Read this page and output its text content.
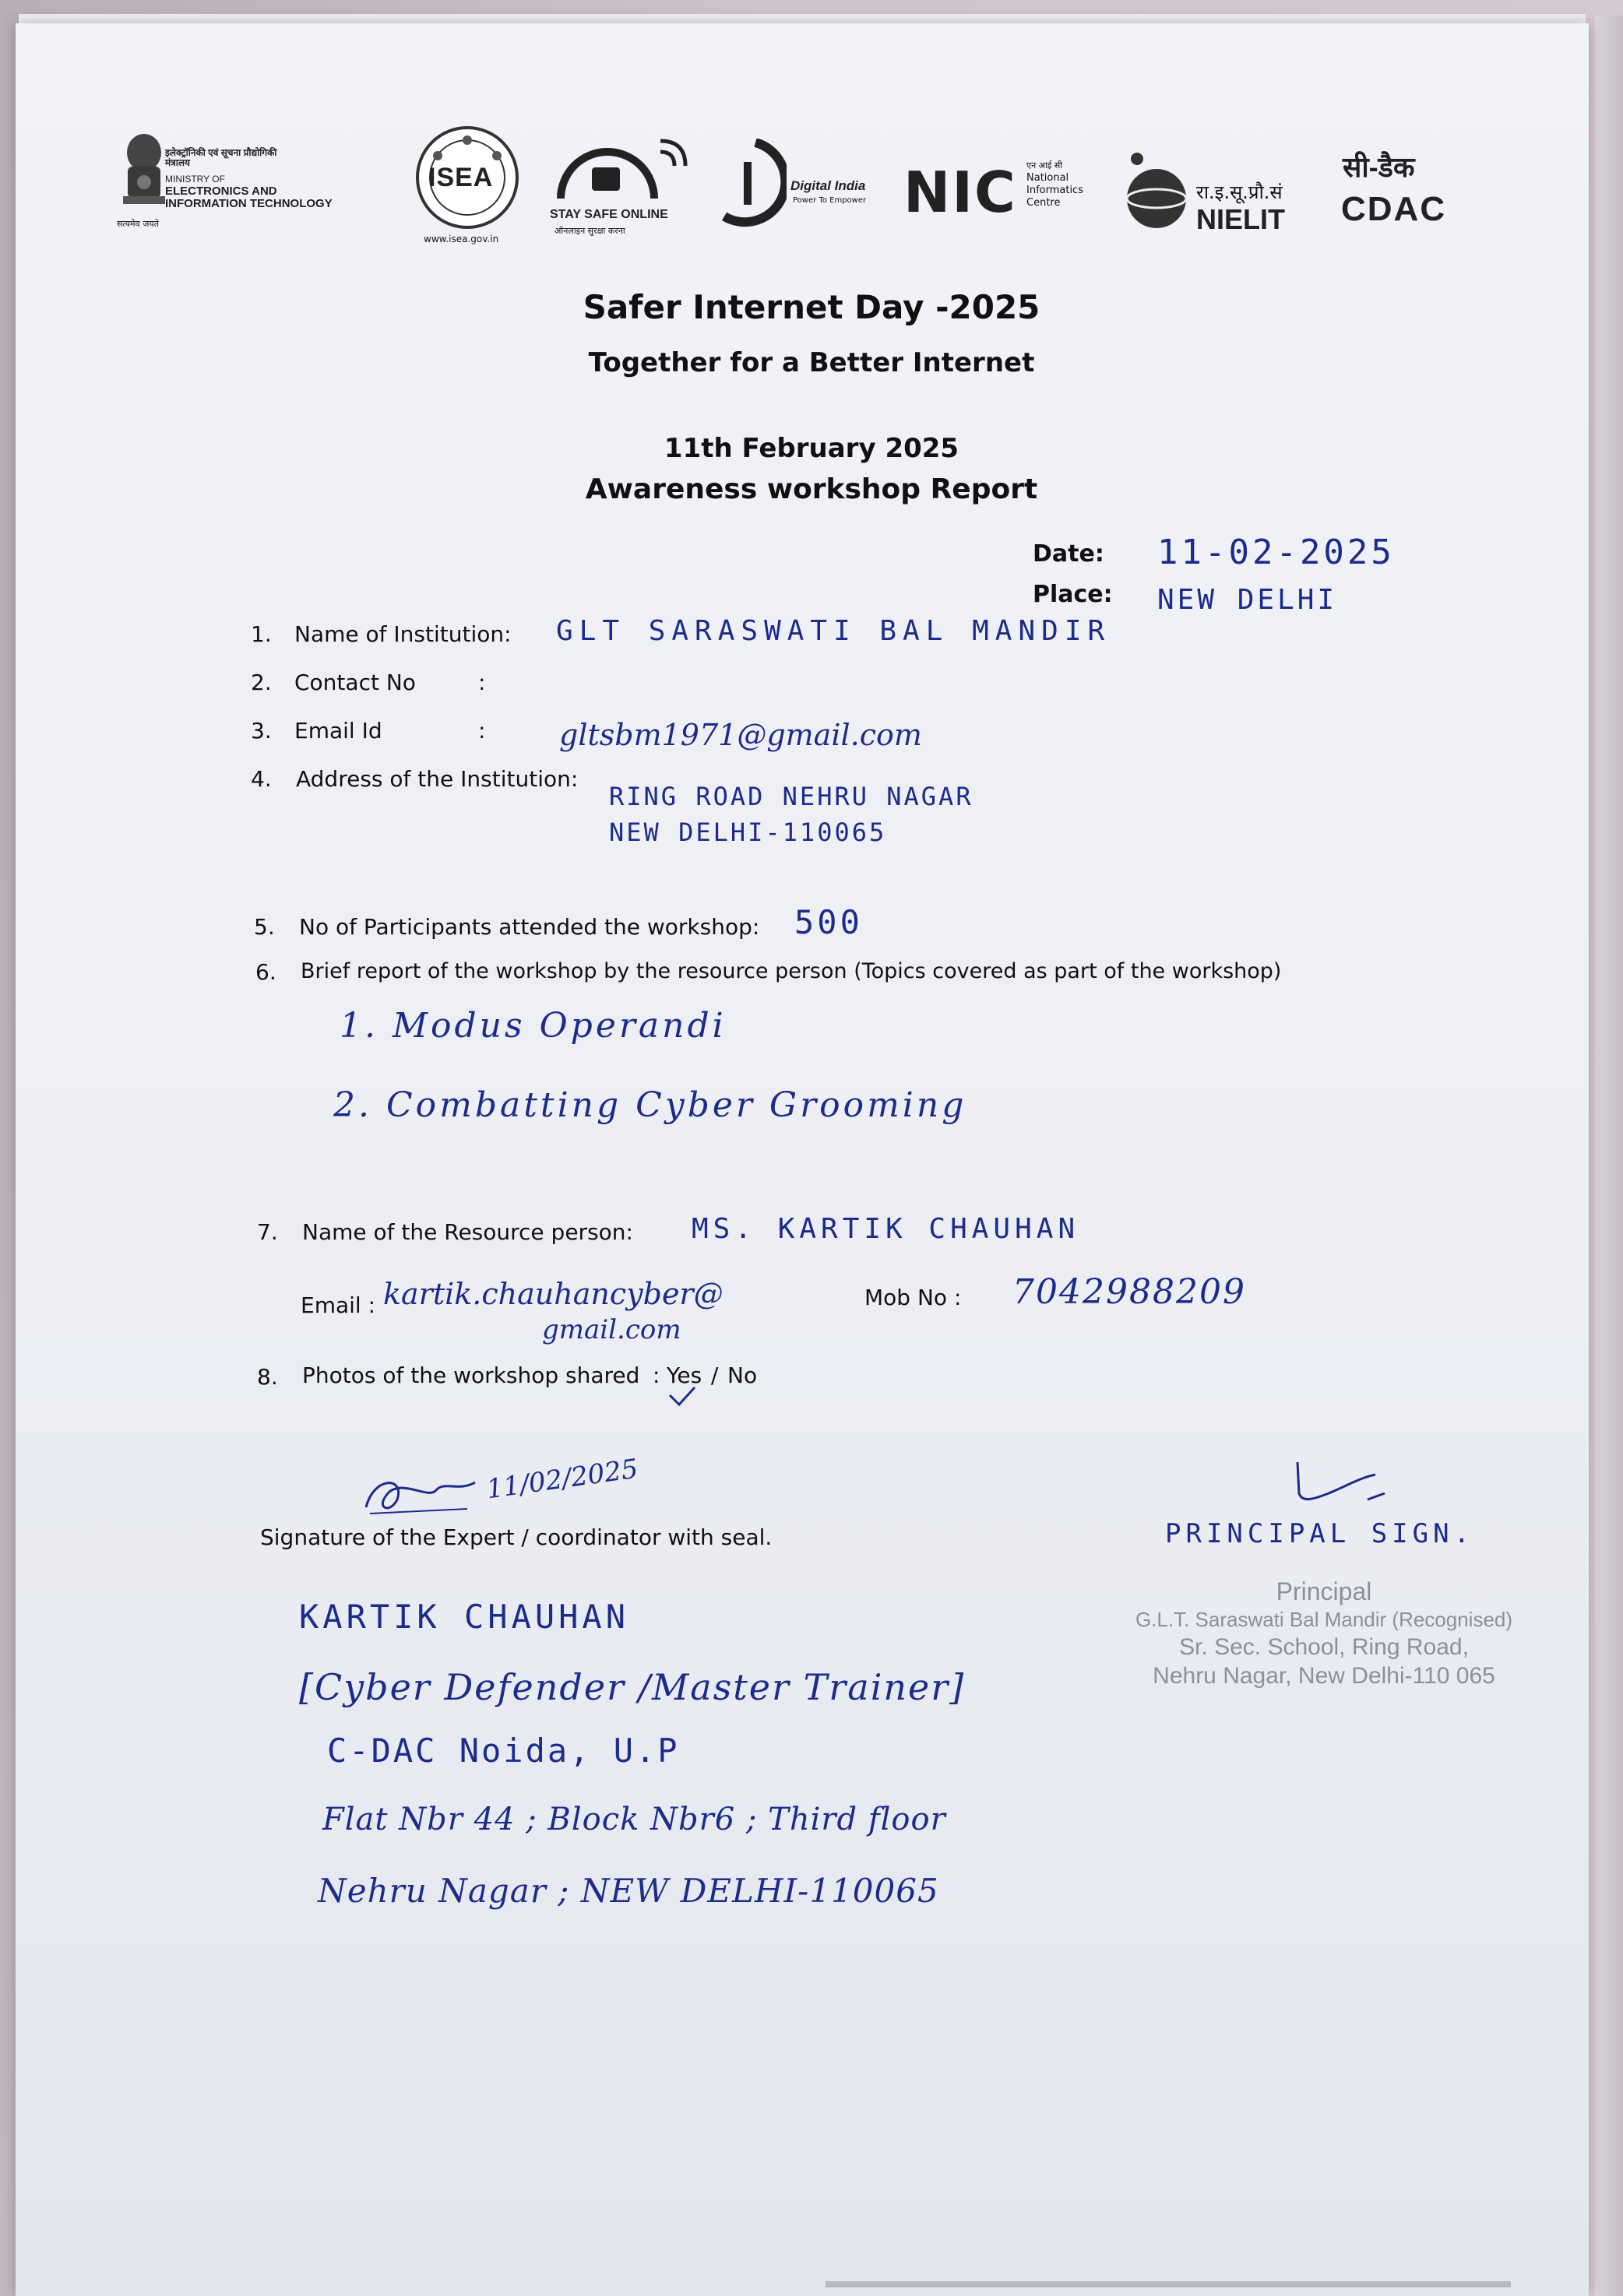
सत्यमेव जयते
इलेक्ट्रॉनिकी एवं सूचना प्रौद्योगिकी मंत्रालय
MINISTRY OF
ELECTRONICS AND
INFORMATION TECHNOLOGY
ISEA
www.isea.gov.in
STAY SAFE ONLINE
ऑनलाइन सुरक्षा करना
Digital India
Power To Empower NIC एन आई सी
National
Informatics
Centre	रा.इ.सू.प्रौ.सं
NIELIT
सी-डैक
CDAC
Safer Internet Day -2025
Together for a Better Internet
11th February 2025
Awareness workshop Report
Date: 11-02-2025
Place: NEW DELHI
1. Name of Institution: GLT SARASWATI BAL MANDIR
2. Contact No	:
3. Email Id	: gltsbm1971@gmail.com
4. Address of the Institution:
RING ROAD NEHRU NAGAR
NEW DELHI-110065
5. No of Participants attended the workshop: 500
6. Brief report of the workshop by the resource person (Topics covered as part of the workshop)
1. Modus Operandi
2. Combatting Cyber Grooming
7. Name of the Resource person: MS. KARTIK CHAUHAN
Email : kartik.chauhancyber@
gmail.com
Mob No : 7042988209
8. Photos of the workshop shared : Yes / No
11/02/2025
Signature of the Expert / coordinator with seal.	PRINCIPAL SIGN.
Principal
G.L.T. Saraswati Bal Mandir (Recognised)
Sr. Sec. School, Ring Road,
Nehru Nagar, New Delhi-110 065
KARTIK CHAUHAN
[Cyber Defender /Master Trainer]
C-DAC Noida, U.P
Flat Nbr 44 ; Block Nbr6 ; Third floor
Nehru Nagar ; NEW DELHI-110065
